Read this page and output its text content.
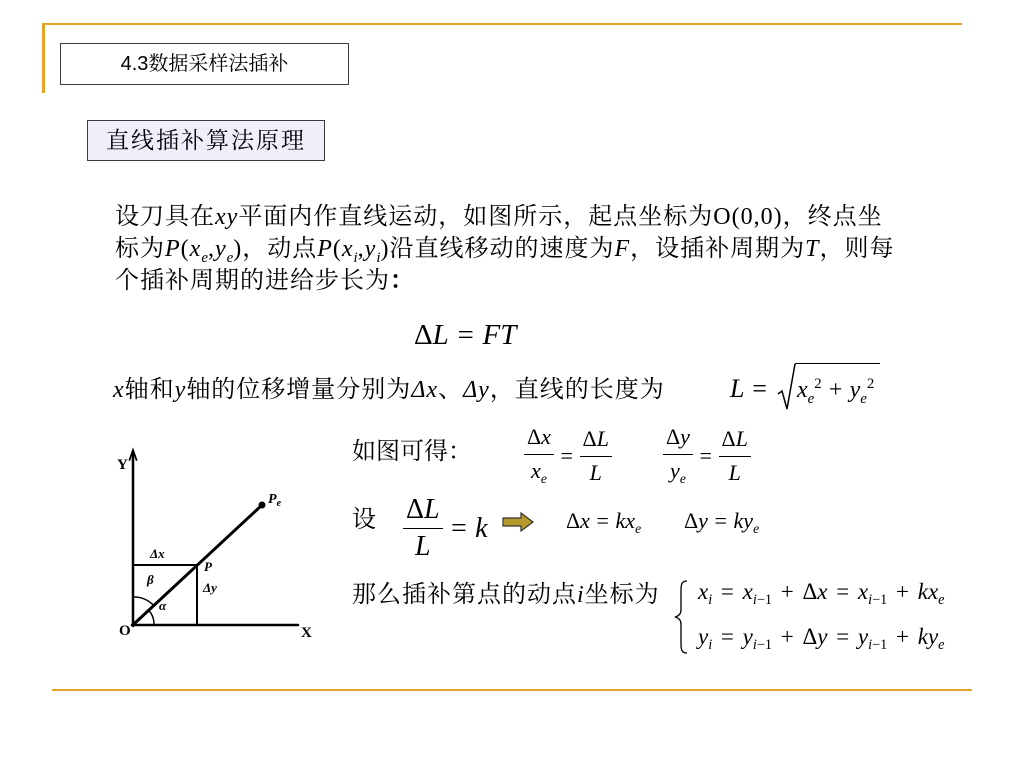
4.3数据采样法插补
直线插补算法原理
设刀具在xy平面内作直线运动，如图所示，起点坐标为O(0,0)，终点坐
标为$P(x_e,y_e)$，动点$P(x_i,y_i)$沿直线移动的速度为F，设插补周期为T，则每
个插补周期的进给步长为：
ΔL = FT
x轴和y轴的位移增量分别为Δx、Δy，直线的长度为	L =	$x_e^2 + y_e^2$
如图可得： $\frac{\Delta x}{x_e} = \frac{\Delta L}{L} \frac{\Delta y}{y_e} = \frac{\Delta L}{L}$
设 $\frac{\Delta L}{L} = k$	$\Delta x = kx_e$ $\Delta y = ky_e$
那么插补第点的动点i坐标为 $x_i = x_{i-1} + \Delta x = x_{i-1} + kx_e$
$y_i = y_{i-1} + \Delta y = y_{i-1} + ky_e$
Y
X
O
$P_e$
P
Δx
Δy
β
α
